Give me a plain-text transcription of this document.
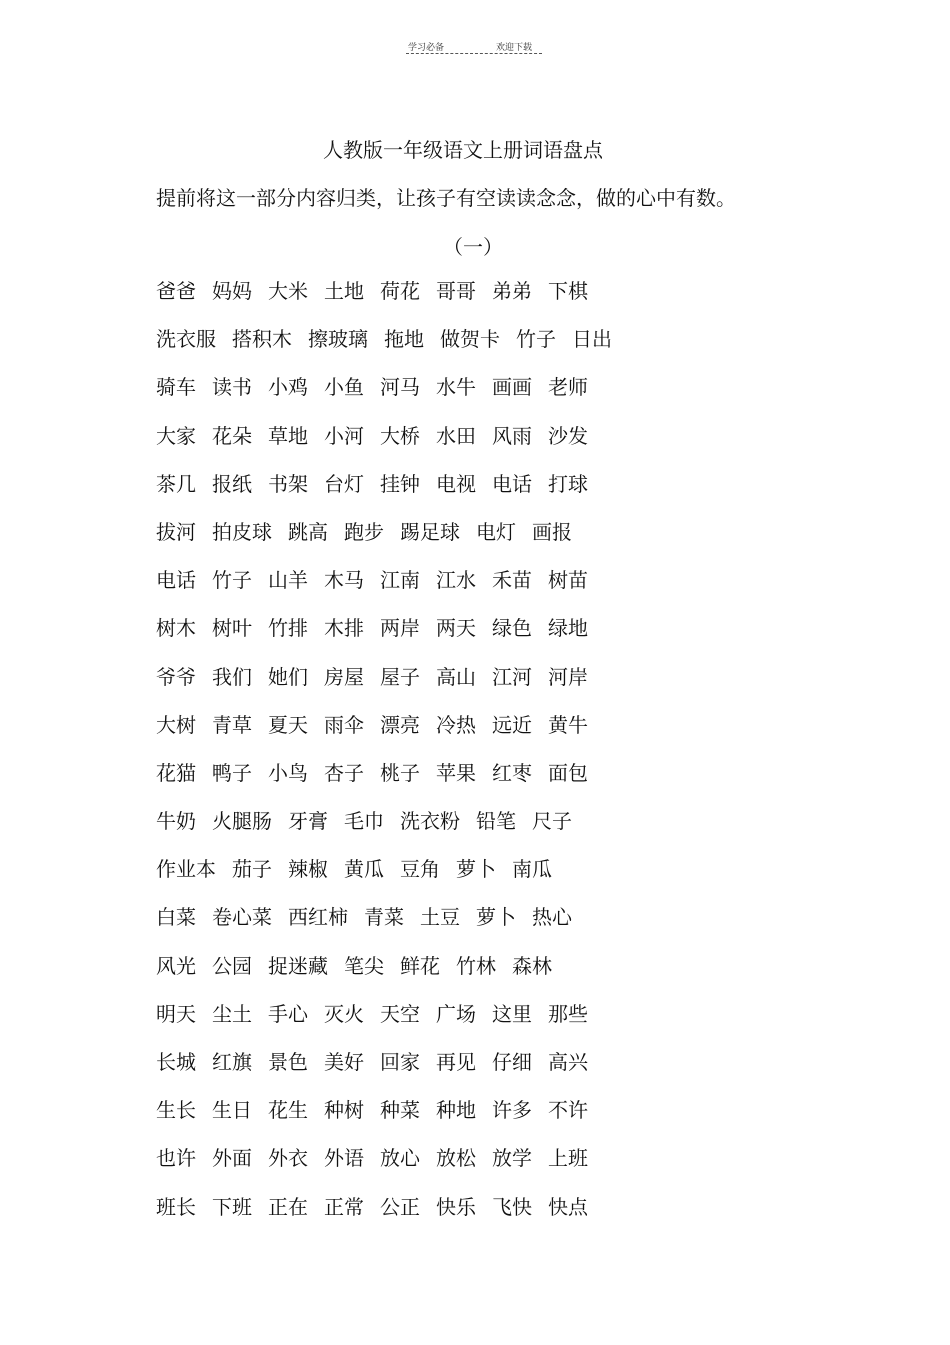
学习必备	欢迎下载
人教版一年级语文上册词语盘点
提前将这一部分内容归类，让孩子有空读读念念，做的心中有数。
（一）
爸爸 妈妈 大米 土地 荷花 哥哥 弟弟 下棋
洗衣服 搭积木 擦玻璃 拖地 做贺卡 竹子 日出
骑车 读书 小鸡 小鱼 河马 水牛 画画 老师
大家 花朵 草地 小河 大桥 水田 风雨 沙发
茶几 报纸 书架 台灯 挂钟 电视 电话 打球
拔河 拍皮球 跳高 跑步 踢足球 电灯 画报
电话 竹子 山羊 木马 江南 江水 禾苗 树苗
树木 树叶 竹排 木排 两岸 两天 绿色 绿地
爷爷 我们 她们 房屋 屋子 高山 江河 河岸
大树 青草 夏天 雨伞 漂亮 冷热 远近 黄牛
花猫 鸭子 小鸟 杏子 桃子 苹果 红枣 面包
牛奶 火腿肠 牙膏 毛巾 洗衣粉 铅笔 尺子
作业本 茄子 辣椒 黄瓜 豆角 萝卜 南瓜
白菜 卷心菜 西红柿 青菜 土豆 萝卜 热心
风光 公园 捉迷藏 笔尖 鲜花 竹林 森林
明天 尘土 手心 灭火 天空 广场 这里 那些
长城 红旗 景色 美好 回家 再见 仔细 高兴
生长 生日 花生 种树 种菜 种地 许多 不许
也许 外面 外衣 外语 放心 放松 放学 上班
班长 下班 正在 正常 公正 快乐 飞快 快点
